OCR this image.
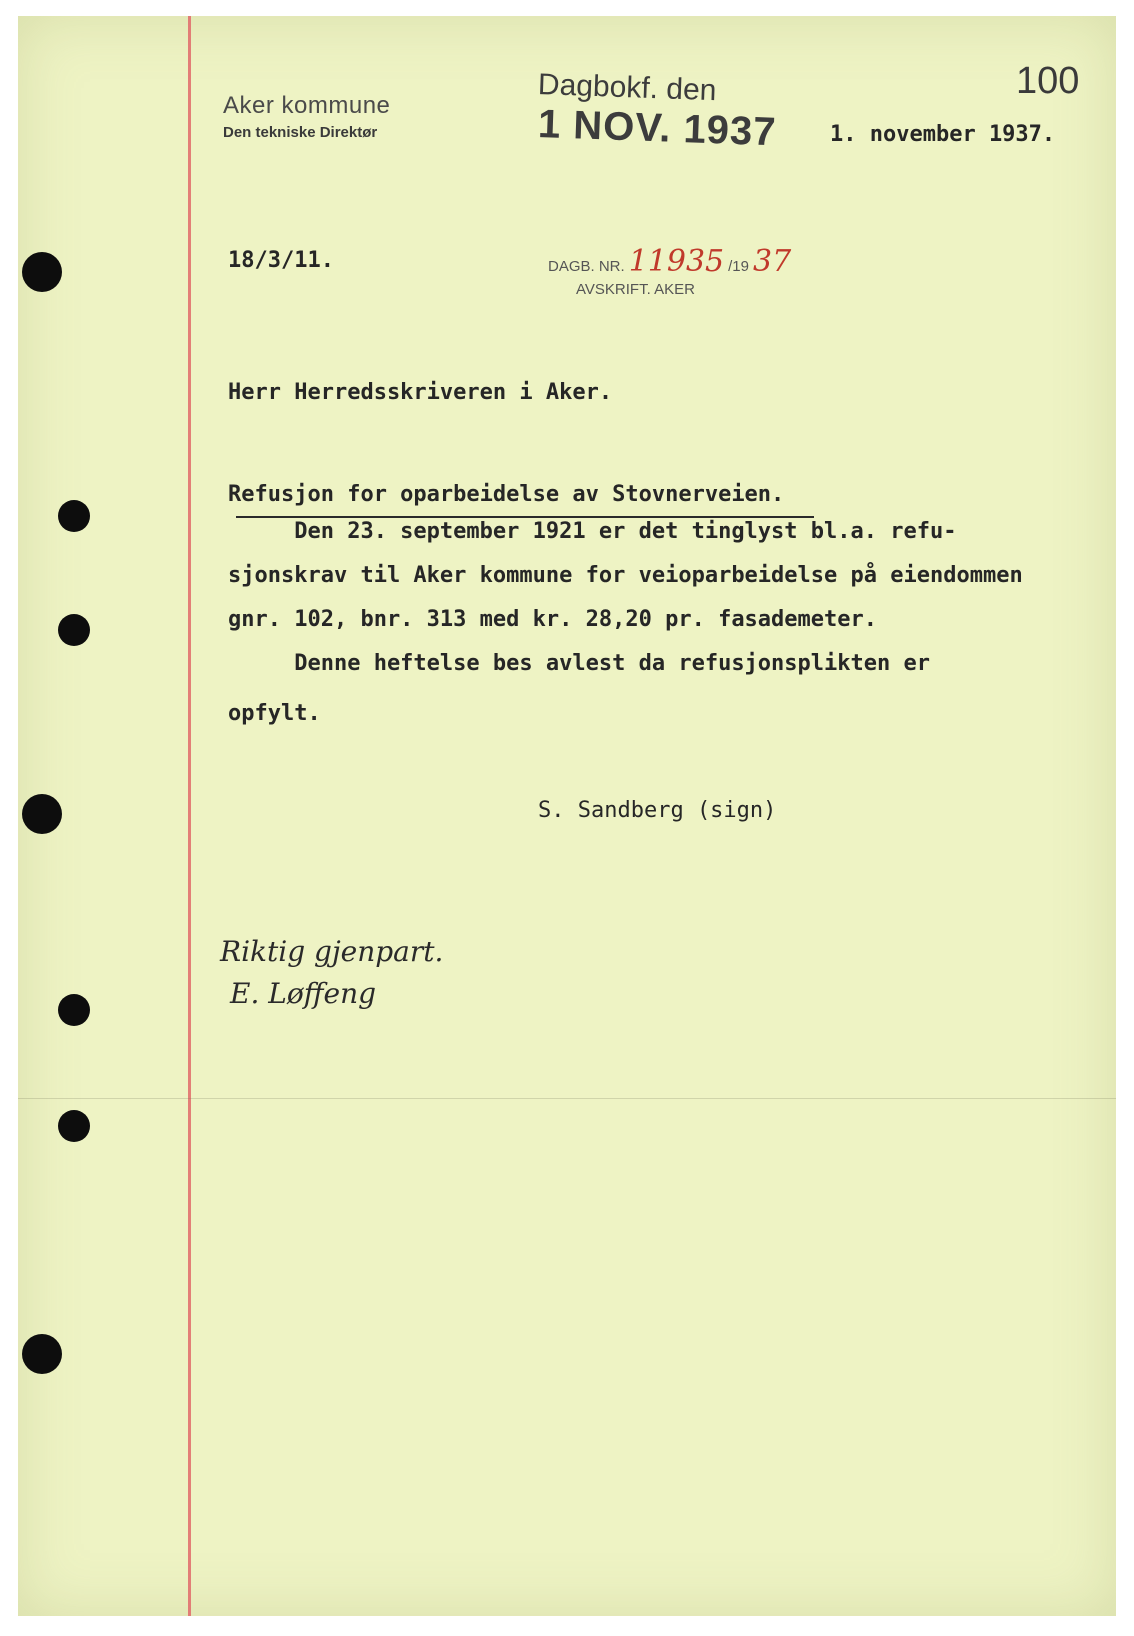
Aker kommune
Den tekniske Direktør
Dagbokf. den
1 NOV. 1937
100

1. november 1937.

18/3/11.	DAGB. NR. 11935 /19 37
AVSKRIFT. AKER

Herr Herredsskriveren i Aker.

Refusjon for oparbeidelse av Stovnerveien.

Den 23. september 1921 er det tinglyst bl.a. refu-

sjonskrav til Aker kommune for veioparbeidelse på eiendommen

gnr. 102, bnr. 313 med kr. 28,20 pr. fasademeter.

Denne heftelse bes avlest da refusjonsplikten er

opfylt.

S. Sandberg (sign)

Riktig gjenpart.
E. Løffeng
